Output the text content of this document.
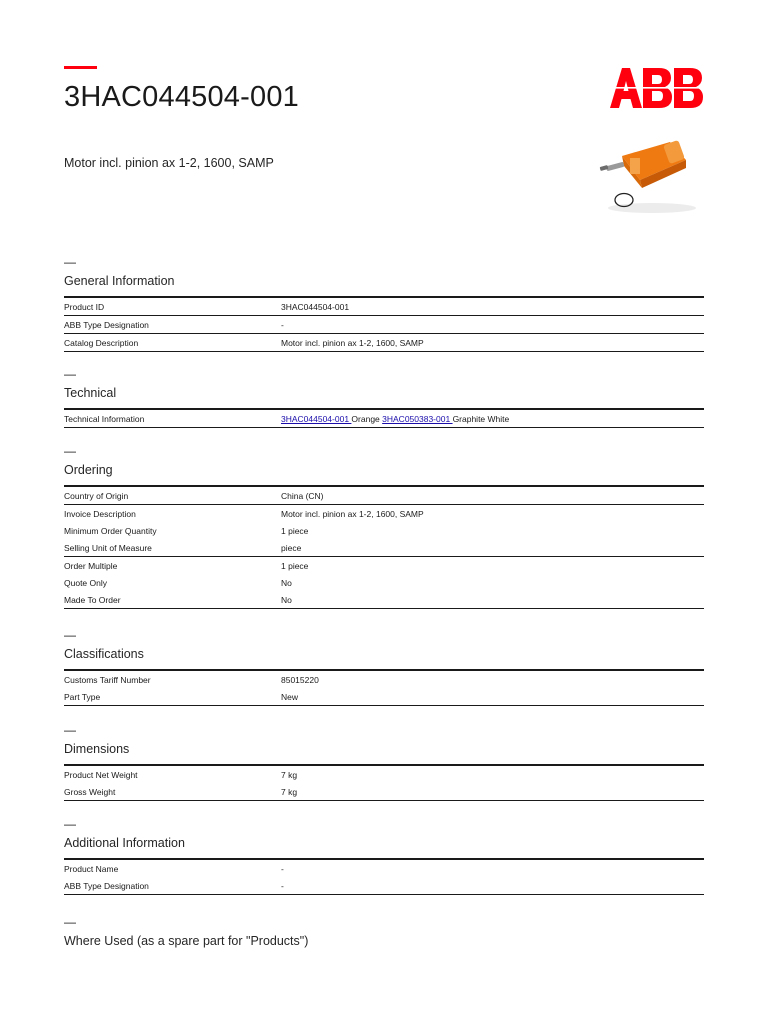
3HAC044504-001
Motor incl. pinion ax 1-2, 1600, SAMP
—
General Information
Product ID	3HAC044504-001
ABB Type Designation	-
Catalog Description	Motor incl. pinion ax 1-2, 1600, SAMP
—
Technical
Technical Information	3HAC044504-001 Orange 3HAC050383-001 Graphite White
—
Ordering
Country of Origin	China (CN)
Invoice Description	Motor incl. pinion ax 1-2, 1600, SAMP
Minimum Order Quantity	1 piece
Selling Unit of Measure	piece
Order Multiple	1 piece
Quote Only	No
Made To Order	No
—
Classifications
Customs Tariff Number	85015220
Part Type	New
—
Dimensions
Product Net Weight	7 kg
Gross Weight	7 kg
—
Additional Information
Product Name	-
ABB Type Designation	-
—
Where Used (as a spare part for "Products")
